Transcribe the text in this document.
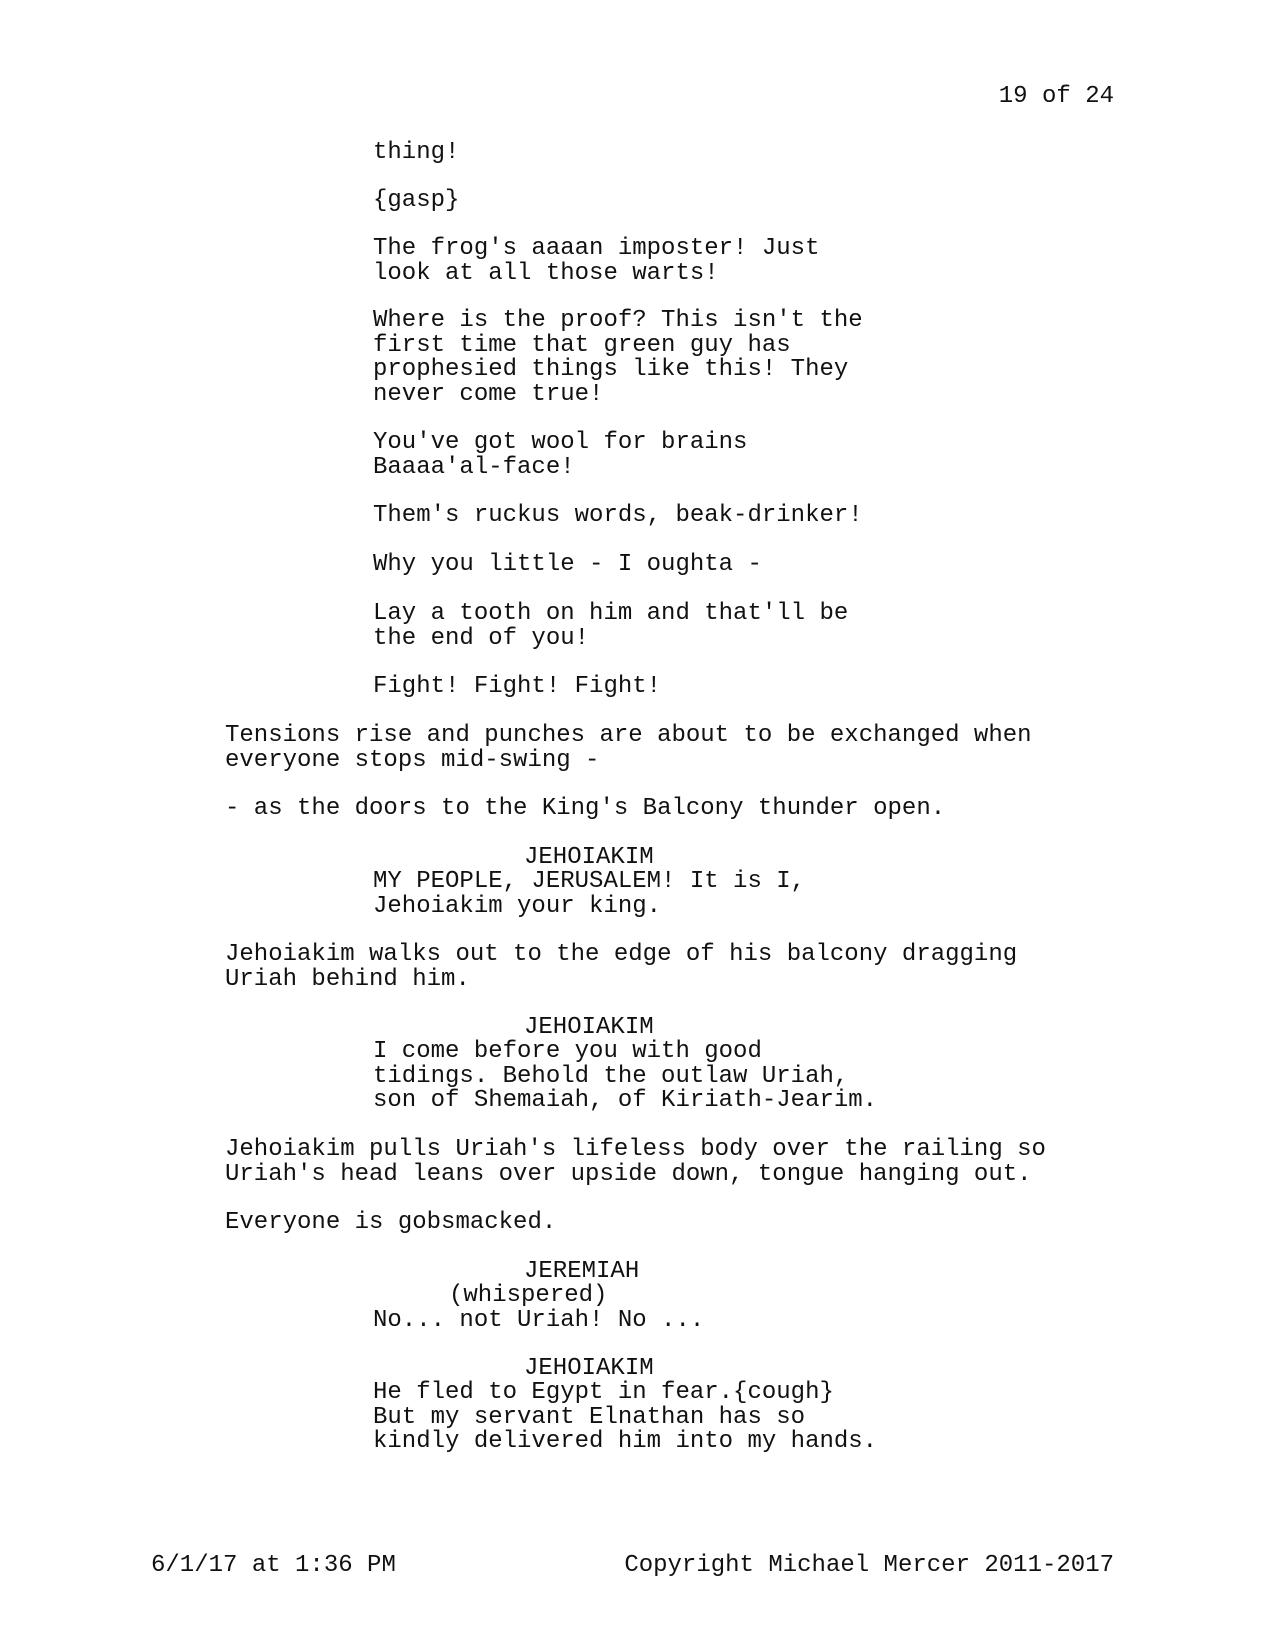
19 of 24
thing!
{gasp}
The frog's aaaan imposter! Just
look at all those warts!
Where is the proof? This isn't the
first time that green guy has
prophesied things like this! They
never come true!
You've got wool for brains
Baaaa'al-face!
Them's ruckus words, beak-drinker!
Why you little - I oughta -
Lay a tooth on him and that'll be
the end of you!
Fight! Fight! Fight!
Tensions rise and punches are about to be exchanged when
everyone stops mid-swing -
- as the doors to the King's Balcony thunder open.
JEHOIAKIM
MY PEOPLE, JERUSALEM! It is I,
Jehoiakim your king.
Jehoiakim walks out to the edge of his balcony dragging
Uriah behind him.
JEHOIAKIM
I come before you with good
tidings. Behold the outlaw Uriah,
son of Shemaiah, of Kiriath-Jearim.
Jehoiakim pulls Uriah's lifeless body over the railing so
Uriah's head leans over upside down, tongue hanging out.
Everyone is gobsmacked.
JEREMIAH
(whispered)
No... not Uriah! No ...
JEHOIAKIM
He fled to Egypt in fear.{cough}
But my servant Elnathan has so
kindly delivered him into my hands.
6/1/17 at 1:36 PM	Copyright Michael Mercer 2011-2017
